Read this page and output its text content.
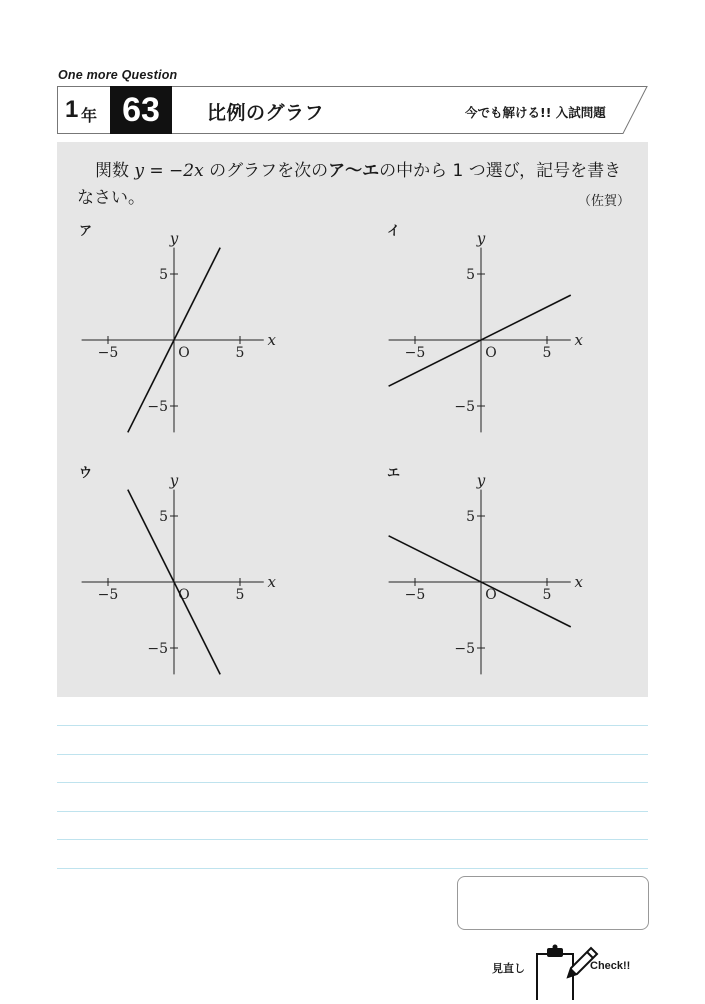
One more Question
1 年 63	比例のグラフ	今でも解ける!! 入試問題
関数 y = −2x のグラフを次のア〜エの中から 1 つ選び，記号を書きなさい。	（佐賀）
ア	イ
ウ	エ
x
y
−5	5
5
−5
O
x
y
−5	5
5
−5
O
x
y
−5	5
5
−5
O
x
y
−5	5
5
−5
O
見直し	Check!!
